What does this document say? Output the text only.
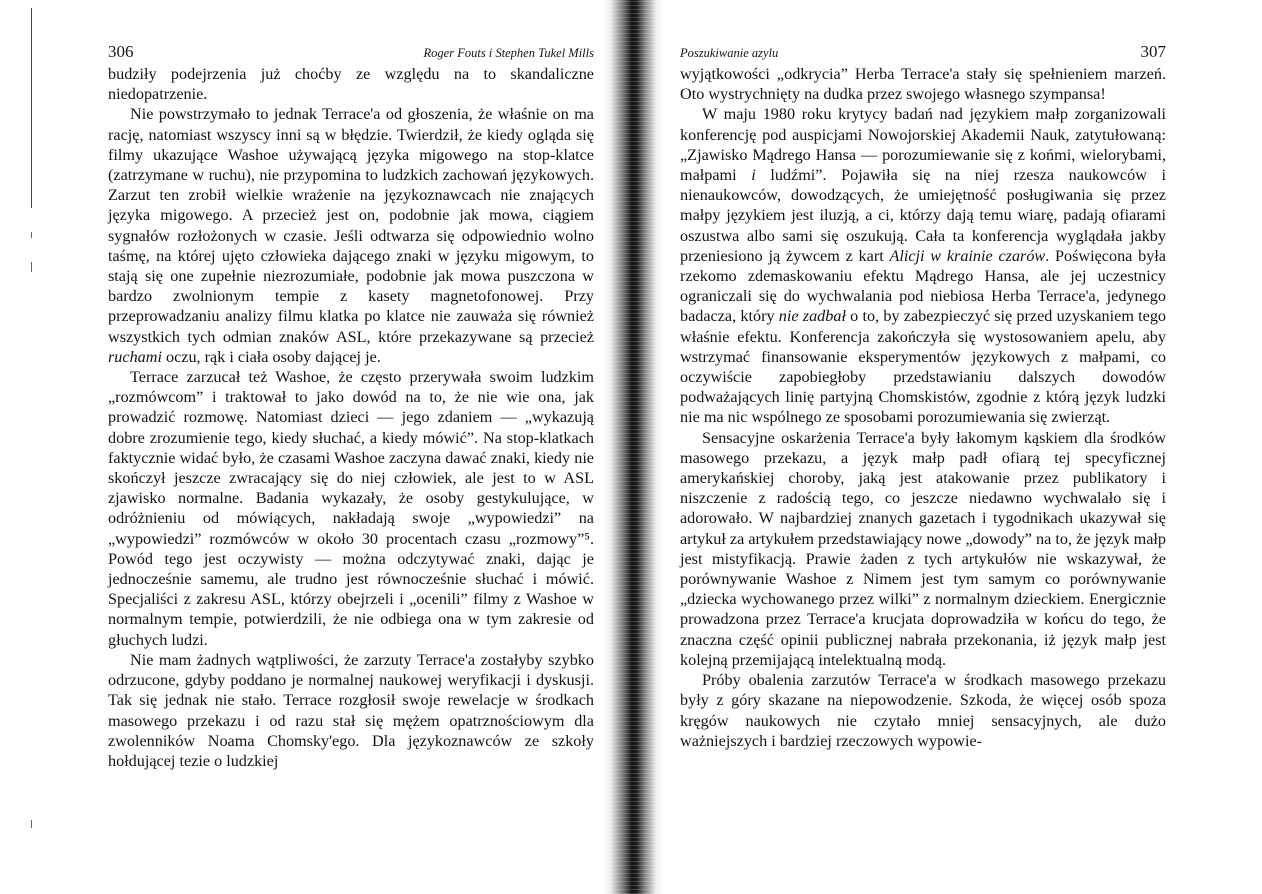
306	Roger Fouts i Stephen Tukel Mills

budziły podejrzenia już choćby ze względu na to skandaliczne niedopatrzenie.

Nie powstrzymało to jednak Terrace'a od głoszenia, że właśnie on ma rację, natomiast wszyscy inni są w błędzie. Twierdził, że kiedy ogląda się filmy ukazujące Washoe używającą języka migowego na stop-klatce (zatrzymane w ruchu), nie przypomina to ludzkich zachowań językowych. Zarzut ten zrobił wielkie wrażenie na językoznawcach nie znających języka migowego. A przecież jest on, podobnie jak mowa, ciągiem sygnałów rozłożonych w czasie. Jeśli odtwarza się odpowiednio wolno taśmę, na której ujęto człowieka dającego znaki w języku migowym, to stają się one zupełnie niezrozumiałe, podobnie jak mowa puszczona w bardzo zwolnionym tempie z kasety magnetofonowej. Przy przeprowadzaniu analizy filmu klatka po klatce nie zauważa się również wszystkich tych odmian znaków ASL, które przekazywane są przecież ruchami oczu, rąk i ciała osoby dającej je.

Terrace zarzucał też Washoe, że często przerywała swoim ludzkim „rozmówcom” i traktował to jako dowód na to, że nie wie ona, jak prowadzić rozmowę. Natomiast dzieci — jego zdaniem — „wykazują dobre zrozumienie tego, kiedy słuchać, a kiedy mówić”. Na stop-klatkach faktycznie widać było, że czasami Washoe zaczyna dawać znaki, kiedy nie skończył jeszcze zwracający się do niej człowiek, ale jest to w ASL zjawisko normalne. Badania wykazały, że osoby gestykulujące, w odróżnieniu od mówiących, nakładają swoje „wypowiedzi” na „wypowiedzi” rozmówców w około 30 procentach czasu „rozmowy”⁵. Powód tego jest oczywisty — można odczytywać znaki, dając je jednocześnie samemu, ale trudno jest równocześnie słuchać i mówić. Specjaliści z zakresu ASL, którzy obejrzeli i „ocenili” filmy z Washoe w normalnym tempie, potwierdzili, że nie odbiega ona w tym zakresie od głuchych ludzi.

Nie mam żadnych wątpliwości, że zarzuty Terrace'a zostałyby szybko odrzucone, gdyby poddano je normalnej naukowej weryfikacji i dyskusji. Tak się jednak nie stało. Terrace rozgłosił swoje rewelacje w środkach masowego przekazu i od razu stał się mężem opatrznościowym dla zwolenników Noama Chomsky'ego. Dla językoznawców ze szkoły hołdującej tezie o ludzkiej

Poszukiwanie azylu	307

wyjątkowości „odkrycia” Herba Terrace'a stały się spełnieniem marzeń. Oto wystrychnięty na dudka przez swojego własnego szympansa!

W maju 1980 roku krytycy badań nad językiem małp zorganizowali konferencję pod auspicjami Nowojorskiej Akademii Nauk, zatytułowaną: „Zjawisko Mądrego Hansa — porozumiewanie się z końmi, wielorybami, małpami i ludźmi”. Pojawiła się na niej rzesza naukowców i nienaukowców, dowodzących, że umiejętność posługiwania się przez małpy językiem jest iluzją, a ci, którzy dają temu wiarę, padają ofiarami oszustwa albo sami się oszukują. Cała ta konferencja wyglądała jakby przeniesiono ją żywcem z kart Alicji w krainie czarów. Poświęcona była rzekomo zdemaskowaniu efektu Mądrego Hansa, ale jej uczestnicy ograniczali się do wychwalania pod niebiosa Herba Terrace'a, jedynego badacza, który nie zadbał o to, by zabezpieczyć się przed uzyskaniem tego właśnie efektu. Konferencja zakończyła się wystosowaniem apelu, aby wstrzymać finansowanie eksperymentów językowych z małpami, co oczywiście zapobiegłoby przedstawianiu dalszych dowodów podważających linię partyjną Chomskistów, zgodnie z którą język ludzki nie ma nic wspólnego ze sposobami porozumiewania się zwierząt.

Sensacyjne oskarżenia Terrace'a były łakomym kąskiem dla środków masowego przekazu, a język małp padł ofiarą tej specyficznej amerykańskiej choroby, jaką jest atakowanie przez publikatory i niszczenie z radością tego, co jeszcze niedawno wychwalało się i adorowało. W najbardziej znanych gazetach i tygodnikach ukazywał się artykuł za artykułem przedstawiający nowe „dowody” na to, że język małp jest mistyfikacją. Prawie żaden z tych artykułów nie wskazywał, że porównywanie Washoe z Nimem jest tym samym co porównywanie „dziecka wychowanego przez wilki” z normalnym dzieckiem. Energicznie prowadzona przez Terrace'a krucjata doprowadziła w końcu do tego, że znaczna część opinii publicznej nabrała przekonania, iż język małp jest kolejną przemijającą intelektualną modą.

Próby obalenia zarzutów Terrace'a w środkach masowego przekazu były z góry skazane na niepowodzenie. Szkoda, że więcej osób spoza kręgów naukowych nie czytało mniej sensacyjnych, ale dużo ważniejszych i bardziej rzeczowych wypowie-
